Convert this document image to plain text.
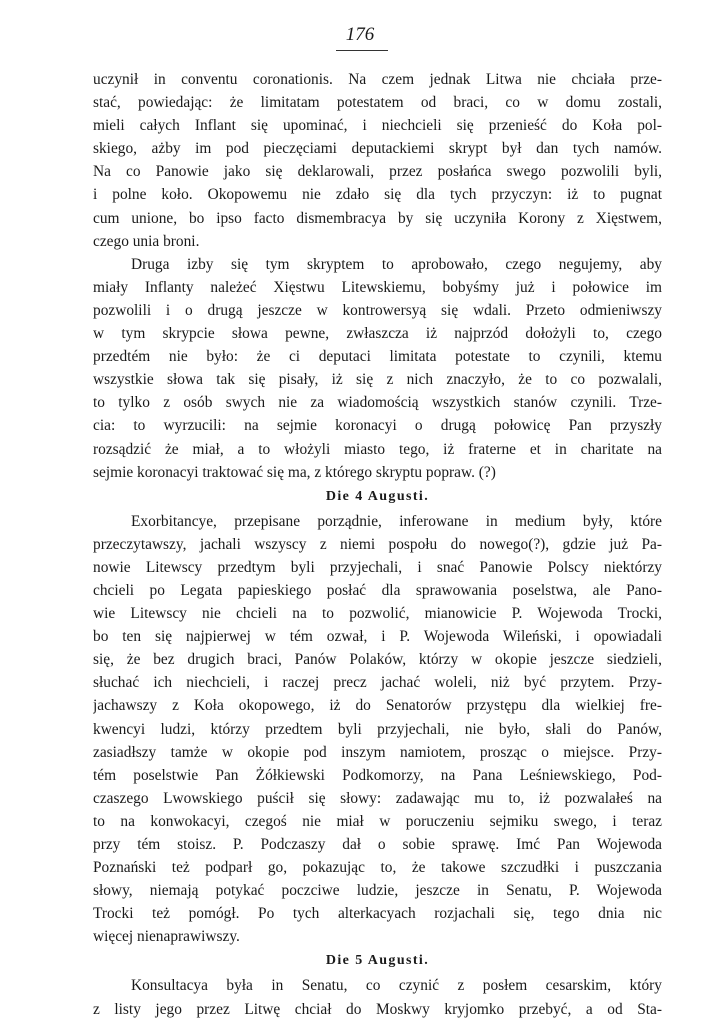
176
uczynił in conventu coronationis. Na czem jednak Litwa nie chciała prze-
stać, powiedając: że limitatam potestatem od braci, co w domu zostali,
mieli całych Inflant się upominać, i niechcieli się przenieść do Koła pol-
skiego, ażby im pod pieczęciami deputackiemi skrypt był dan tych namów.
Na co Panowie jako się deklarowali, przez posłańca swego pozwolili byli,
i polne koło. Okopowemu nie zdało się dla tych przyczyn: iż to pugnat
cum unione, bo ipso facto dismembracya by się uczyniła Korony z Xięstwem,
czego unia broni.
Druga izby się tym skryptem to aprobowało, czego negujemy, aby
miały Inflanty należeć Xięstwu Litewskiemu, bobyśmy już i połowice im
pozwolili i o drugą jeszcze w kontrowersyą się wdali. Przeto odmieniwszy
w tym skrypcie słowa pewne, zwłaszcza iż najprzód dołożyli to, czego
przedtém nie było: że ci deputaci limitata potestate to czynili, ktemu
wszystkie słowa tak się pisały, iż się z nich znaczyło, że to co pozwalali,
to tylko z osób swych nie za wiadomością wszystkich stanów czynili. Trze-
cia: to wyrzucili: na sejmie koronacyi o drugą połowicę Pan przyszły
rozsądzić że miał, a to włożyli miasto tego, iż fraterne et in charitate na
sejmie koronacyi traktować się ma, z którego skryptu popraw. (?)
Die 4 Augusti.
Exorbitancye, przepisane porządnie, inferowane in medium były, które
przeczytawszy, jachali wszyscy z niemi pospołu do nowego(?), gdzie już Pa-
nowie Litewscy przedtym byli przyjechali, i snać Panowie Polscy niektórzy
chcieli po Legata papieskiego posłać dla sprawowania poselstwa, ale Pano-
wie Litewscy nie chcieli na to pozwolić, mianowicie P. Wojewoda Trocki,
bo ten się najpierwej w tém ozwał, i P. Wojewoda Wileński, i opowiadali
się, że bez drugich braci, Panów Polaków, którzy w okopie jeszcze siedzieli,
słuchać ich niechcieli, i raczej precz jachać woleli, niż być przytem. Przy-
jachawszy z Koła okopowego, iż do Senatorów przystępu dla wielkiej fre-
kwencyi ludzi, którzy przedtem byli przyjechali, nie było, słali do Panów,
zasiadłszy tamże w okopie pod inszym namiotem, prosząc o miejsce. Przy-
tém poselstwie Pan Żółkiewski Podkomorzy, na Pana Leśniewskiego, Pod-
czaszego Lwowskiego puścił się słowy: zadawając mu to, iż pozwalałeś na
to na konwokacyi, czegoś nie miał w poruczeniu sejmiku swego, i teraz
przy tém stoisz. P. Podczaszy dał o sobie sprawę. Imć Pan Wojewoda
Poznański też podparł go, pokazując to, że takowe szczudłki i puszczania
słowy, niemają potykać poczciwe ludzie, jeszcze in Senatu, P. Wojewoda
Trocki też pomógł. Po tych alterkacyach rozjachali się, tego dnia nic
więcej nienaprawiwszy.
Die 5 Augusti.
Konsultacya była in Senatu, co czynić z posłem cesarskim, który
z listy jego przez Litwę chciał do Moskwy kryjomko przebyć, a od Sta-
